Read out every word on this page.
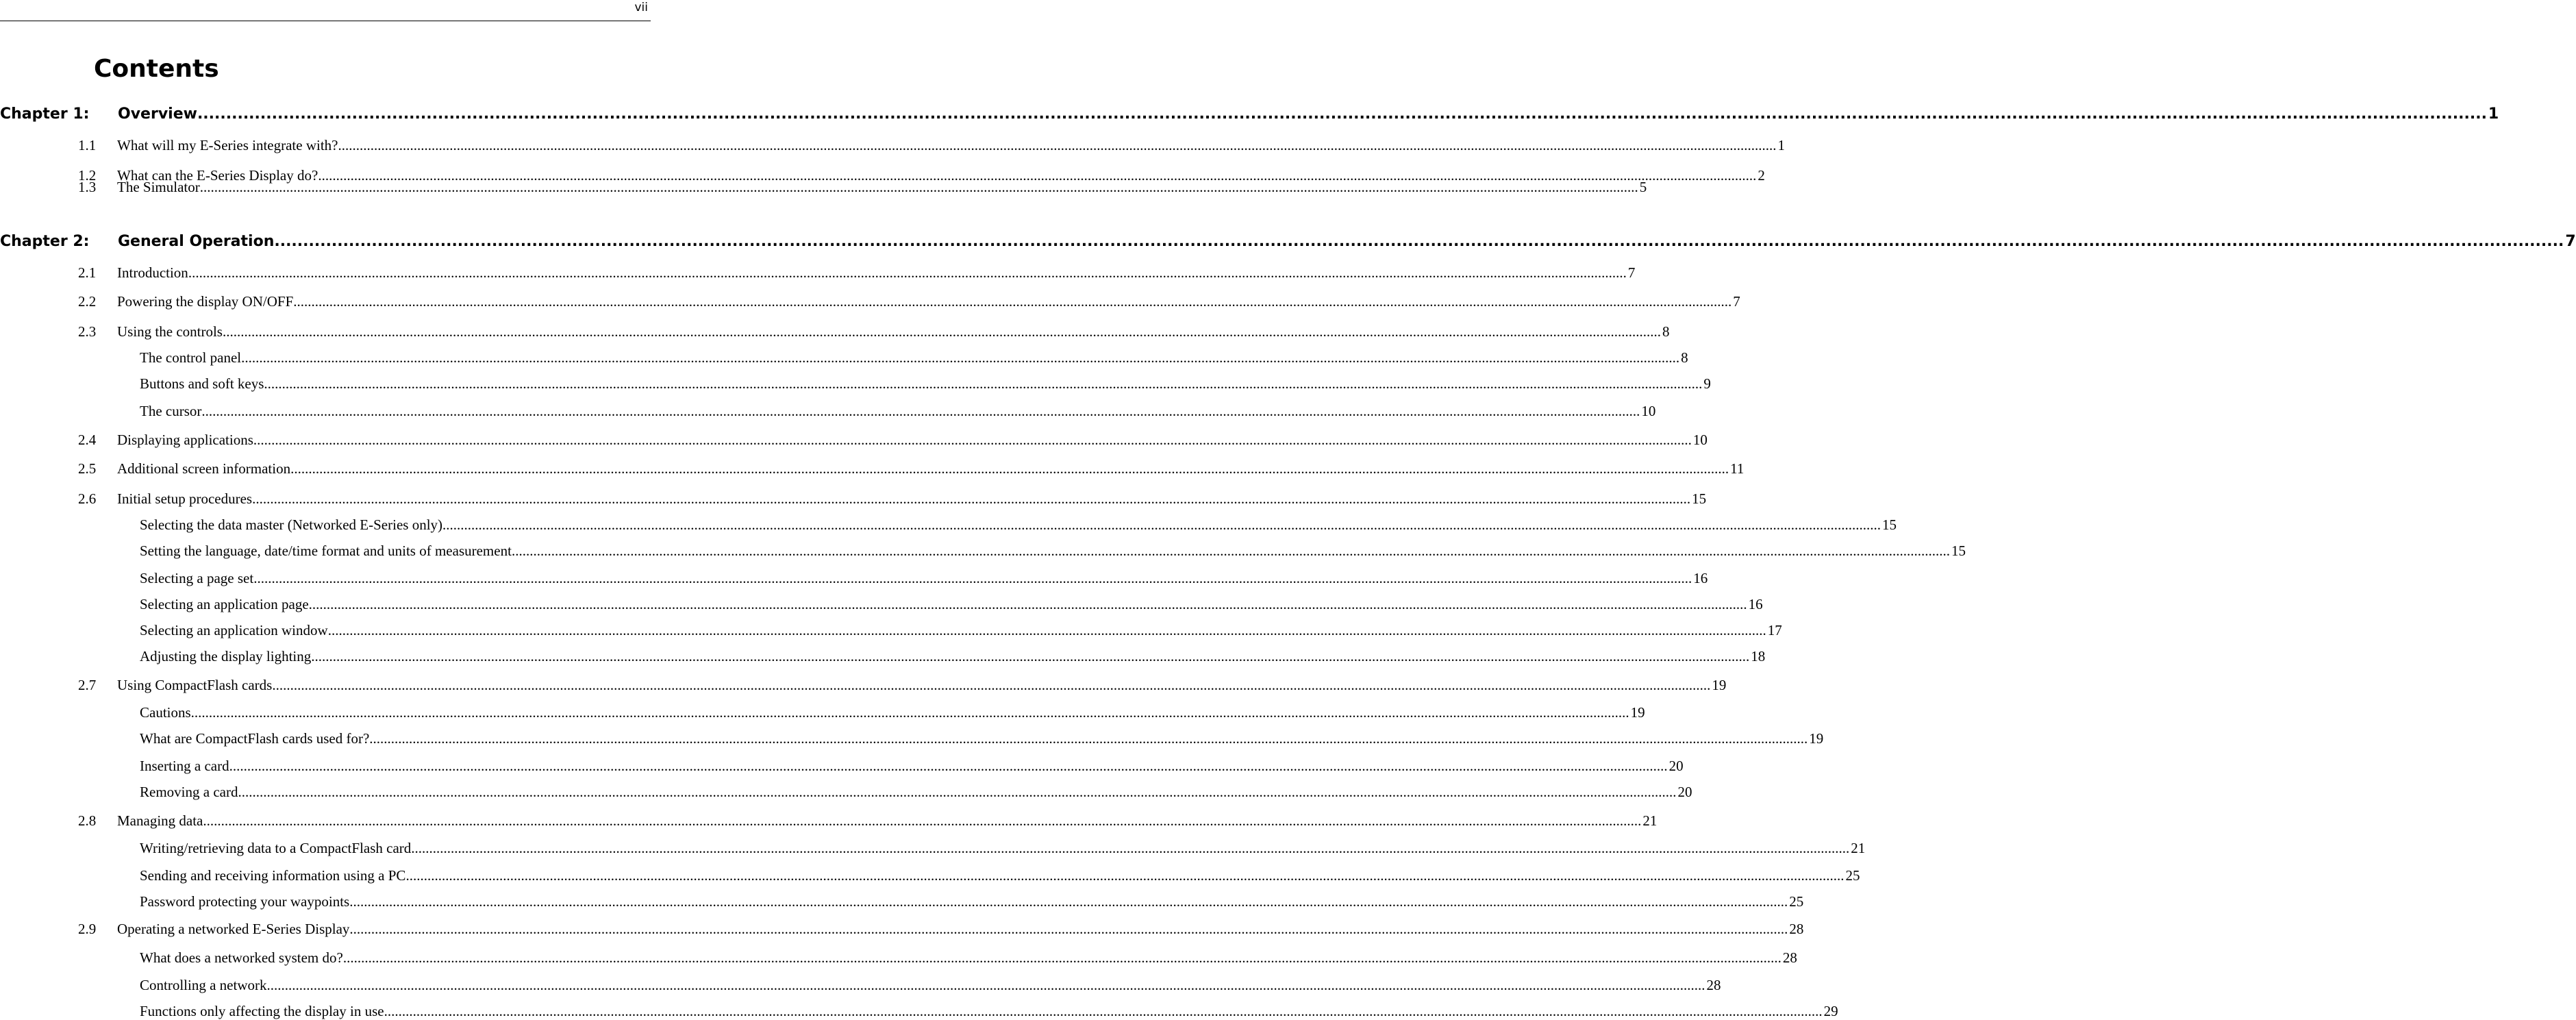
vii
Contents
Chapter 1:	Overview ................................................................................................................................................................................................................................................................................................................................................................................................................ 1
1.1	What will my E-Series integrate with? ................................................................................................................................................................................................................................................................................................................................................................................................................ 1
1.2	What can the E-Series Display do? ................................................................................................................................................................................................................................................................................................................................................................................................................ 2
1.3	The Simulator ................................................................................................................................................................................................................................................................................................................................................................................................................ 5
Chapter 2:	General Operation ................................................................................................................................................................................................................................................................................................................................................................................................................ 7
2.1	Introduction ................................................................................................................................................................................................................................................................................................................................................................................................................ 7
2.2	Powering the display ON/OFF ................................................................................................................................................................................................................................................................................................................................................................................................................ 7
2.3	Using the controls ................................................................................................................................................................................................................................................................................................................................................................................................................ 8
The control panel ................................................................................................................................................................................................................................................................................................................................................................................................................ 8
Buttons and soft keys ................................................................................................................................................................................................................................................................................................................................................................................................................ 9
The cursor ................................................................................................................................................................................................................................................................................................................................................................................................................ 10
2.4	Displaying applications ................................................................................................................................................................................................................................................................................................................................................................................................................ 10
2.5	Additional screen information ................................................................................................................................................................................................................................................................................................................................................................................................................ 11
2.6	Initial setup procedures ................................................................................................................................................................................................................................................................................................................................................................................................................ 15
Selecting the data master (Networked E-Series only) ................................................................................................................................................................................................................................................................................................................................................................................................................ 15
Setting the language, date/time format and units of measurement ................................................................................................................................................................................................................................................................................................................................................................................................................ 15
Selecting a page set ................................................................................................................................................................................................................................................................................................................................................................................................................ 16
Selecting an application page ................................................................................................................................................................................................................................................................................................................................................................................................................ 16
Selecting an application window ................................................................................................................................................................................................................................................................................................................................................................................................................ 17
Adjusting the display lighting ................................................................................................................................................................................................................................................................................................................................................................................................................ 18
2.7	Using CompactFlash cards ................................................................................................................................................................................................................................................................................................................................................................................................................ 19
Cautions ................................................................................................................................................................................................................................................................................................................................................................................................................ 19
What are CompactFlash cards used for? ................................................................................................................................................................................................................................................................................................................................................................................................................ 19
Inserting a card ................................................................................................................................................................................................................................................................................................................................................................................................................ 20
Removing a card ................................................................................................................................................................................................................................................................................................................................................................................................................ 20
2.8	Managing data ................................................................................................................................................................................................................................................................................................................................................................................................................ 21
Writing/retrieving data to a CompactFlash card ................................................................................................................................................................................................................................................................................................................................................................................................................ 21
Sending and receiving information using a PC ................................................................................................................................................................................................................................................................................................................................................................................................................ 25
Password protecting your waypoints ................................................................................................................................................................................................................................................................................................................................................................................................................ 25
2.9	Operating a networked E-Series Display ................................................................................................................................................................................................................................................................................................................................................................................................................ 28
What does a networked system do? ................................................................................................................................................................................................................................................................................................................................................................................................................ 28
Controlling a network ................................................................................................................................................................................................................................................................................................................................................................................................................ 28
Functions only affecting the display in use ................................................................................................................................................................................................................................................................................................................................................................................................................ 29
